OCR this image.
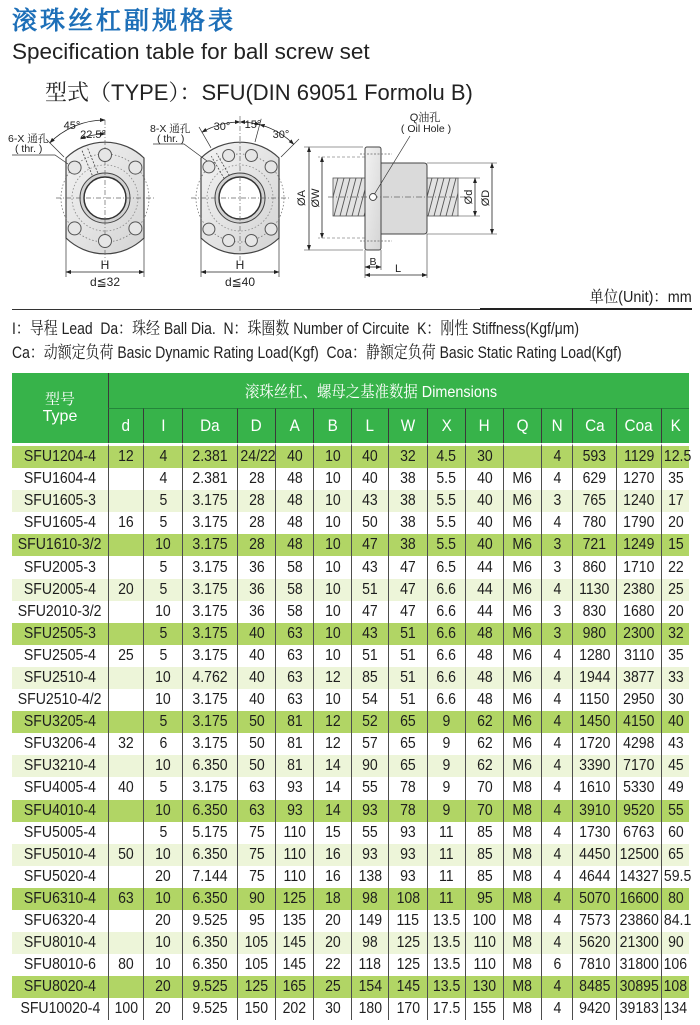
滚珠丝杠副规格表
Specification table for ball screw set
型式（TYPE）：SFU(DIN 69051 Formolu B)
6-X 通孔
( thr. )
45°
22.5°
H
d≦32
8-X 通孔
( thr. )
30° 15°
30°
H
d≦40
Q油孔
( Oil Hole )
ØA ØW	Ød ØD
B
L
单位(Unit)：mm
I：导程 Lead  Da：珠经 Ball Dia.  N：珠圈数 Number of Circuite  K：刚性 Stiffness(Kgf/μm)
Ca：动额定负荷 Basic Dynamic Rating Load(Kgf)  Coa：静额定负荷 Basic Static Rating Load(Kgf)
型号
Type	滚珠丝杠、螺母之基准数据 Dimensions														
	d	I	Da	D	A	B	L	W	X	H	Q	N	Ca	Coa	K
SFU1204-4	12	4	2.381	24/22	40	10	40	32	4.5	30		4	593	1129	12.5
SFU1604-4		4	2.381	28	48	10	40	38	5.5	40	M6	4	629	1270	35
SFU1605-3		5	3.175	28	48	10	43	38	5.5	40	M6	3	765	1240	17
SFU1605-4	16	5	3.175	28	48	10	50	38	5.5	40	M6	4	780	1790	20
SFU1610-3/2		10	3.175	28	48	10	47	38	5.5	40	M6	3	721	1249	15
SFU2005-3		5	3.175	36	58	10	43	47	6.5	44	M6	3	860	1710	22
SFU2005-4	20	5	3.175	36	58	10	51	47	6.6	44	M6	4	1130	2380	25
SFU2010-3/2		10	3.175	36	58	10	47	47	6.6	44	M6	3	830	1680	20
SFU2505-3		5	3.175	40	63	10	43	51	6.6	48	M6	3	980	2300	32
SFU2505-4	25	5	3.175	40	63	10	51	51	6.6	48	M6	4	1280	3110	35
SFU2510-4		10	4.762	40	63	12	85	51	6.6	48	M6	4	1944	3877	33
SFU2510-4/2		10	3.175	40	63	10	54	51	6.6	48	M6	4	1150	2950	30
SFU3205-4		5	3.175	50	81	12	52	65	9	62	M6	4	1450	4150	40
SFU3206-4	32	6	3.175	50	81	12	57	65	9	62	M6	4	1720	4298	43
SFU3210-4		10	6.350	50	81	14	90	65	9	62	M6	4	3390	7170	45
SFU4005-4	40	5	3.175	63	93	14	55	78	9	70	M8	4	1610	5330	49
SFU4010-4		10	6.350	63	93	14	93	78	9	70	M8	4	3910	9520	55
SFU5005-4		5	5.175	75	110	15	55	93	11	85	M8	4	1730	6763	60
SFU5010-4	50	10	6.350	75	110	16	93	93	11	85	M8	4	4450	12500	65
SFU5020-4		20	7.144	75	110	16	138	93	11	85	M8	4	4644	14327	59.5
SFU6310-4	63	10	6.350	90	125	18	98	108	11	95	M8	4	5070	16600	80
SFU6320-4		20	9.525	95	135	20	149	115	13.5	100	M8	4	7573	23860	84.1
SFU8010-4		10	6.350	105	145	20	98	125	13.5	110	M8	4	5620	21300	90
SFU8010-6	80	10	6.350	105	145	22	118	125	13.5	110	M8	6	7810	31800	106
SFU8020-4		20	9.525	125	165	25	154	145	13.5	130	M8	4	8485	30895	108
SFU10020-4	100	20	9.525	150	202	30	180	170	17.5	155	M8	4	9420	39183	134
